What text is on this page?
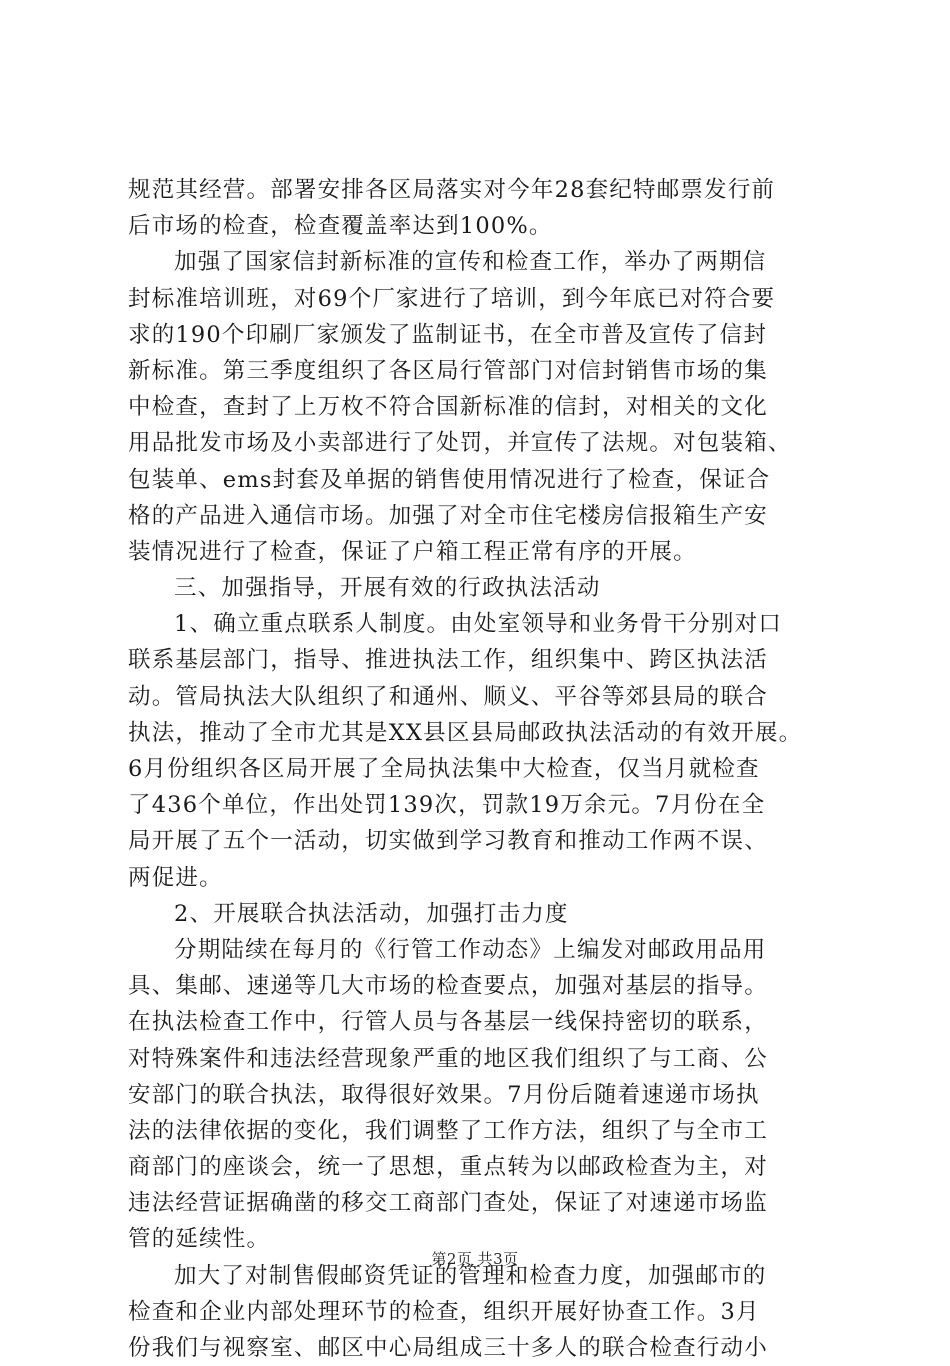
规范其经营。部署安排各区局落实对今年28套纪特邮票发行前
后市场的检查，检查覆盖率达到100%。
加强了国家信封新标准的宣传和检查工作，举办了两期信
封标准培训班，对69个厂家进行了培训，到今年底已对符合要
求的190个印刷厂家颁发了监制证书，在全市普及宣传了信封
新标准。第三季度组织了各区局行管部门对信封销售市场的集
中检查，查封了上万枚不符合国新标准的信封，对相关的文化
用品批发市场及小卖部进行了处罚，并宣传了法规。对包装箱、
包装单、ems封套及单据的销售使用情况进行了检查，保证合
格的产品进入通信市场。加强了对全市住宅楼房信报箱生产安
装情况进行了检查，保证了户箱工程正常有序的开展。
三、加强指导，开展有效的行政执法活动
1、确立重点联系人制度。由处室领导和业务骨干分别对口
联系基层部门，指导、推进执法工作，组织集中、跨区执法活
动。管局执法大队组织了和通州、顺义、平谷等郊县局的联合
执法，推动了全市尤其是XX县区县局邮政执法活动的有效开展。
6月份组织各区局开展了全局执法集中大检查，仅当月就检查
了436个单位，作出处罚139次，罚款19万余元。7月份在全
局开展了五个一活动，切实做到学习教育和推动工作两不误、
两促进。
2、开展联合执法活动，加强打击力度
分期陆续在每月的《行管工作动态》上编发对邮政用品用
具、集邮、速递等几大市场的检查要点，加强对基层的指导。
在执法检查工作中，行管人员与各基层一线保持密切的联系，
对特殊案件和违法经营现象严重的地区我们组织了与工商、公
安部门的联合执法，取得很好效果。7月份后随着速递市场执
法的法律依据的变化，我们调整了工作方法，组织了与全市工
商部门的座谈会，统一了思想，重点转为以邮政检查为主，对
违法经营证据确凿的移交工商部门查处，保证了对速递市场监
管的延续性。
加大了对制售假邮资凭证的管理和检查力度，加强邮市的
检查和企业内部处理环节的检查，组织开展好协查工作。3月
份我们与视察室、邮区中心局组成三十多人的联合检查行动小
第2页 共3页
